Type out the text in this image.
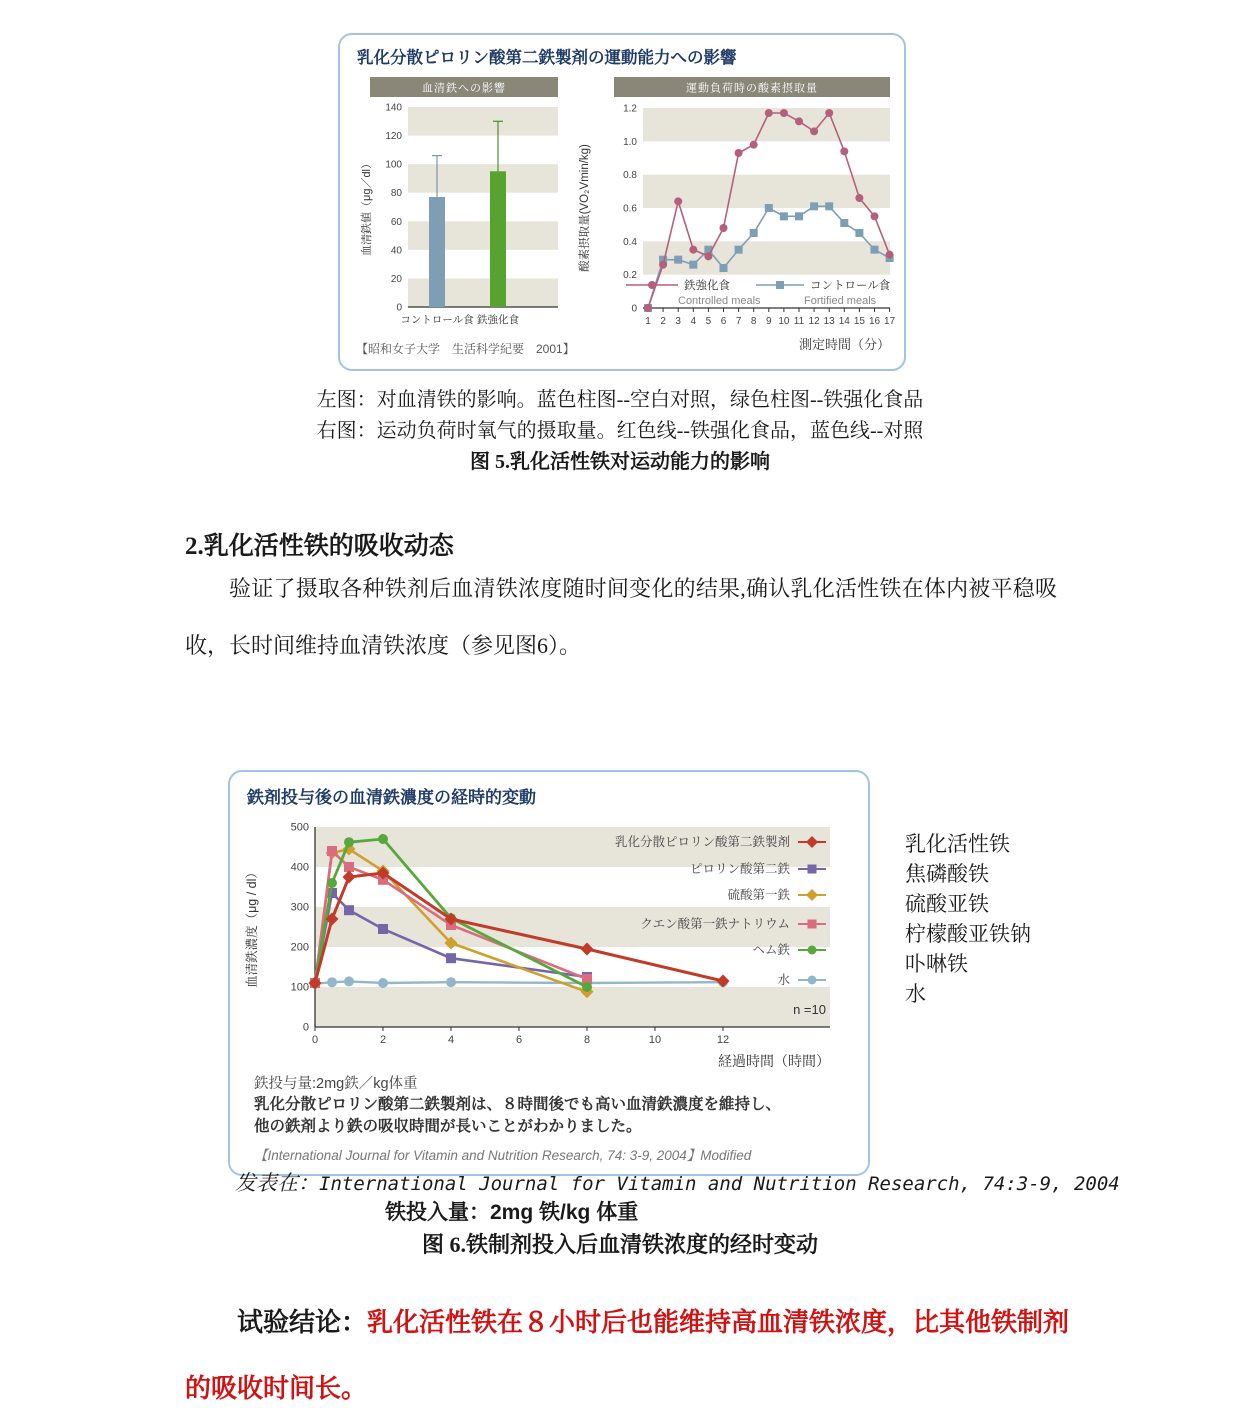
乳化分散ピロリン酸第二鉄製剤の運動能力への影響
血清鉄への影響
0
20
40
60
80
100
120
140
血清鉄値（μg／dl）
コントロール食 鉄強化食
運動負荷時の酸素摂取量
0
0.2
0.4
0.6
0.8
1.0
1.2
酸素摂取量(VO₂Vmin/kg)
1 2 3 4 5 6 7 8 9 10 11 12 13 14 15 16 17
測定時間（分）
鉄強化食
Controlled meals
コントロール食
Fortified meals
【昭和女子大学　生活科学紀要　2001】
左图：对血清铁的影响。蓝色柱图--空白对照，绿色柱图--铁强化食品
右图：运动负荷时氧气的摄取量。红色线--铁强化食品，蓝色线--对照
图 5.乳化活性铁对运动能力的影响
2.乳化活性铁的吸收动态

验证了摄取各种铁剂后血清铁浓度随时间变化的结果,确认乳化活性铁在体内被平稳吸收，长时间维持血清铁浓度（参见图6）。

鉄剤投与後の血清鉄濃度の経時的変動
0
100
200
300
400
500
血清鉄濃度（μg / dl）
0	2	4	6	8	10	12
経過時間（時間）
乳化分散ピロリン酸第二鉄製剤
ピロリン酸第二鉄
硫酸第一鉄
クエン酸第一鉄ナトリウム
ヘム鉄
水
n =10
鉄投与量:2mg鉄／kg体重
乳化分散ピロリン酸第二鉄製剤は、８時間後でも高い血清鉄濃度を維持し、
他の鉄剤より鉄の吸収時間が長いことがわかりました。
【International Journal for Vitamin and Nutrition Research, 74: 3-9, 2004】Modified
乳化活性铁
焦磷酸铁
硫酸亚铁
柠檬酸亚铁钠
卟啉铁
水
发表在：International Journal for Vitamin and Nutrition Research, 74:3-9, 2004
铁投入量：2mg 铁/kg 体重
图 6.铁制剂投入后血清铁浓度的经时变动

试验结论：乳化活性铁在８小时后也能维持高血清铁浓度，比其他铁制剂的吸收时间长。
